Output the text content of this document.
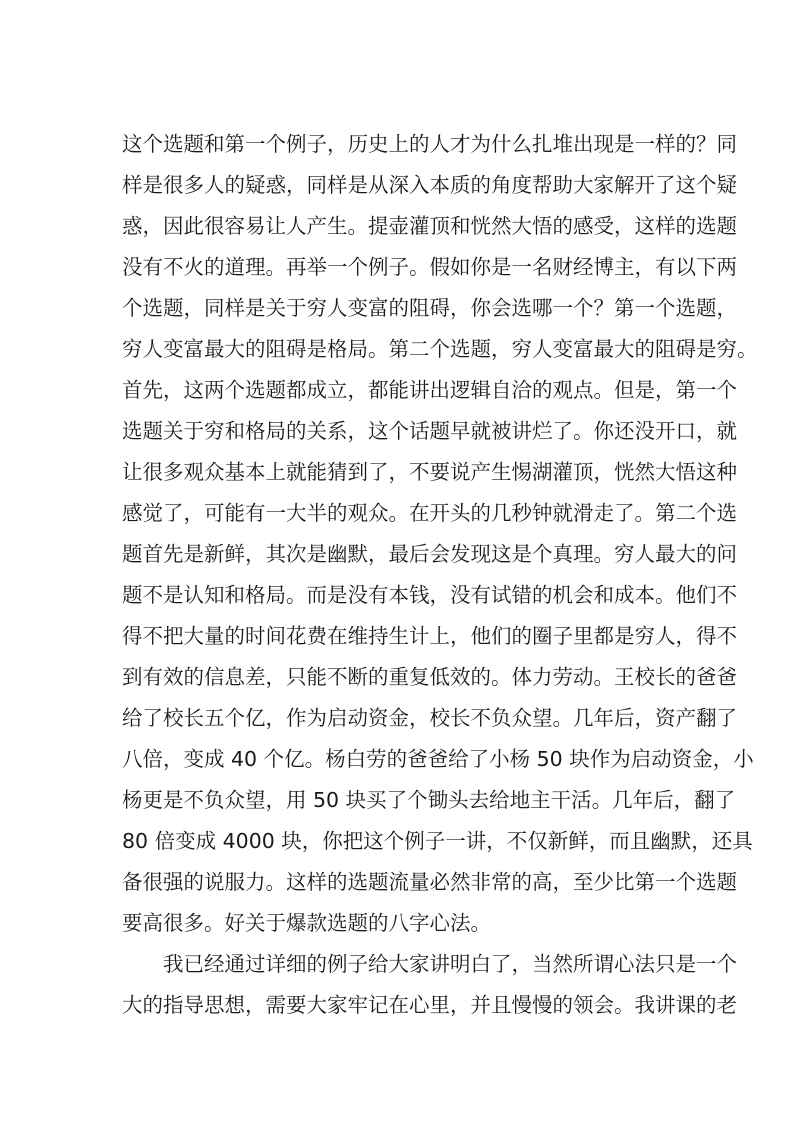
这个选题和第一个例子，历史上的人才为什么扎堆出现是一样的？同
样是很多人的疑惑，同样是从深入本质的角度帮助大家解开了这个疑
惑，因此很容易让人产生。提壶灌顶和恍然大悟的感受，这样的选题
没有不火的道理。再举一个例子。假如你是一名财经博主，有以下两
个选题，同样是关于穷人变富的阻碍，你会选哪一个？第一个选题，
穷人变富最大的阻碍是格局。第二个选题，穷人变富最大的阻碍是穷。
首先，这两个选题都成立，都能讲出逻辑自洽的观点。但是，第一个
选题关于穷和格局的关系，这个话题早就被讲烂了。你还没开口，就
让很多观众基本上就能猜到了，不要说产生惕湖灌顶，恍然大悟这种
感觉了，可能有一大半的观众。在开头的几秒钟就滑走了。第二个选
题首先是新鲜，其次是幽默，最后会发现这是个真理。穷人最大的问
题不是认知和格局。而是没有本钱，没有试错的机会和成本。他们不
得不把大量的时间花费在维持生计上，他们的圈子里都是穷人，得不
到有效的信息差，只能不断的重复低效的。体力劳动。王校长的爸爸
给了校长五个亿，作为启动资金，校长不负众望。几年后，资产翻了
八倍，变成 40 个亿。杨白劳的爸爸给了小杨 50 块作为启动资金，小
杨更是不负众望，用 50 块买了个锄头去给地主干活。几年后，翻了
80 倍变成 4000 块，你把这个例子一讲，不仅新鲜，而且幽默，还具
备很强的说服力。这样的选题流量必然非常的高，至少比第一个选题
要高很多。好关于爆款选题的八字心法。
我已经通过详细的例子给大家讲明白了，当然所谓心法只是一个
大的指导思想，需要大家牢记在心里，并且慢慢的领会。我讲课的老
